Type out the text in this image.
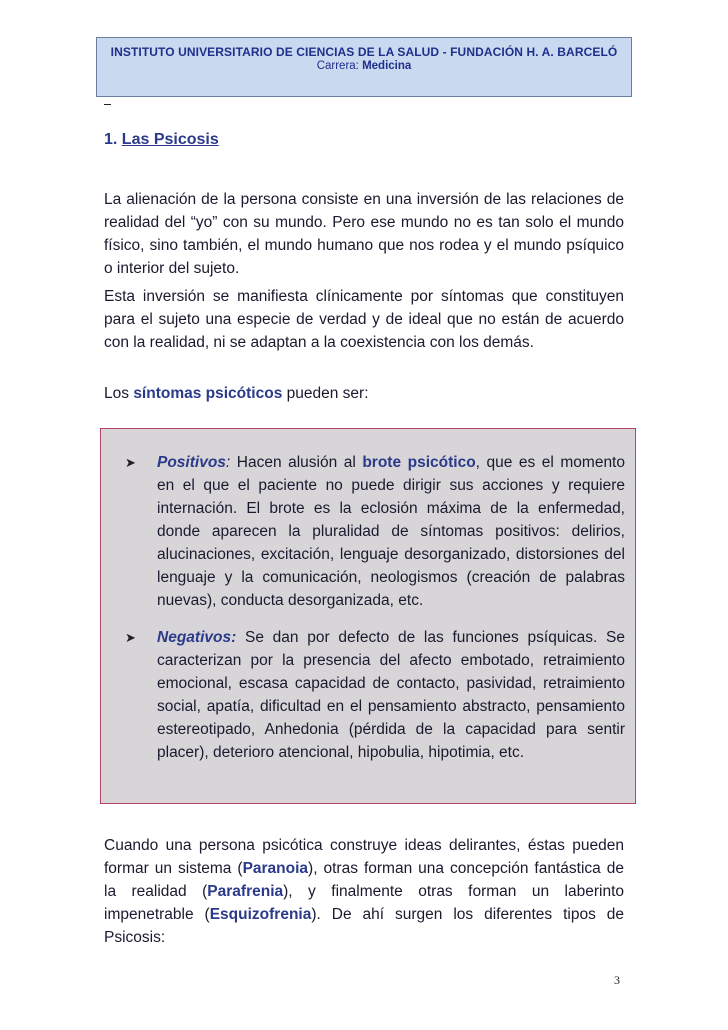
INSTITUTO UNIVERSITARIO DE CIENCIAS DE LA SALUD - FUNDACIÓN H. A. BARCELÓ
Carrera: Medicina
1. Las Psicosis
La alienación de la persona consiste en una inversión de las relaciones de realidad del “yo” con su mundo. Pero ese mundo no es tan solo el mundo físico, sino también, el mundo humano que nos rodea y el mundo psíquico o interior del sujeto.
Esta inversión se manifiesta clínicamente por síntomas que constituyen para el sujeto una especie de verdad y de ideal que no están de acuerdo con la realidad, ni se adaptan a la coexistencia con los demás.
Los síntomas psicóticos pueden ser:
➤	Positivos: Hacen alusión al brote psicótico, que es el momento en el que el paciente no puede dirigir sus acciones y requiere internación. El brote es la eclosión máxima de la enfermedad, donde aparecen la pluralidad de síntomas positivos: delirios, alucinaciones, excitación, lenguaje desorganizado, distorsiones del lenguaje y la comunicación, neologismos (creación de palabras nuevas), conducta desorganizada, etc.
➤	Negativos: Se dan por defecto de las funciones psíquicas. Se caracterizan por la presencia del afecto embotado, retraimiento emocional, escasa capacidad de contacto, pasividad, retraimiento social, apatía, dificultad en el pensamiento abstracto, pensamiento estereotipado, Anhedonia (pérdida de la capacidad para sentir placer), deterioro atencional, hipobulia, hipotimia, etc.
Cuando una persona psicótica construye ideas delirantes, éstas pueden formar un sistema (Paranoia), otras forman una concepción fantástica de la realidad (Parafrenia), y finalmente otras forman un laberinto impenetrable (Esquizofrenia). De ahí surgen los diferentes tipos de Psicosis:
3
